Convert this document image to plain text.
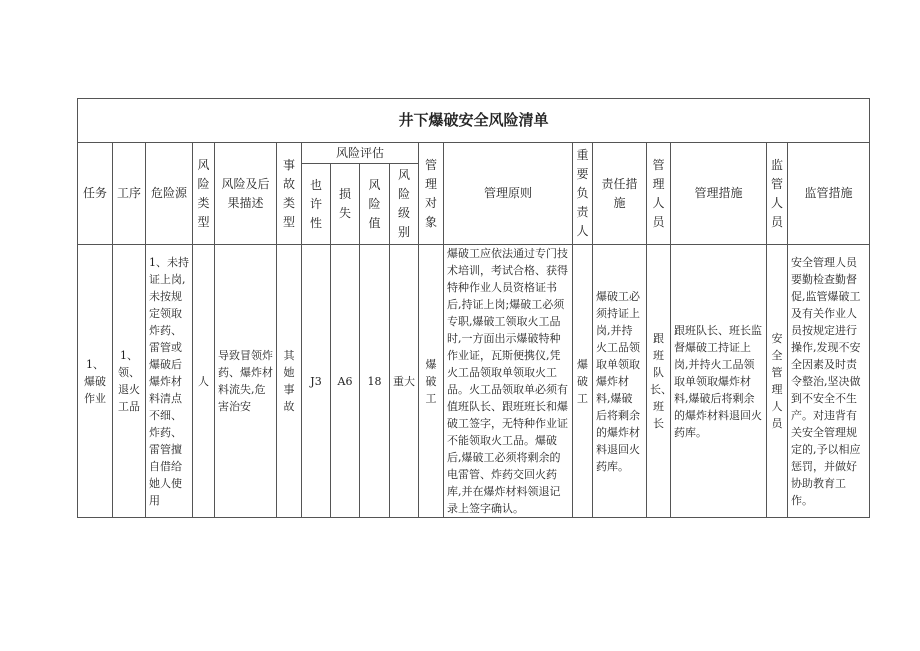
井下爆破安全风险清单																	
任务	工序	危险源	风险类型	风险及后果描述	事故类型	风险评估				管理对象	管理原则	重要负责人	责任措施	管理人员	管理措施	监管人员	监管措施
						也许性	损失	风险值	风险级别								
1、爆破作业	1、领、退火工品	1、未持证上岗,未按规定领取炸药、雷管或爆破后爆炸材料清点不细、炸药、雷管擅自借给她人使用	人	导致冒领炸药、爆炸材料流失,危害治安	其她事故	J3	A6	18	重大	爆破工	爆破工应依法通过专门技术培训，考试合格、获得特种作业人员资格证书后,持证上岗;爆破工必须专职,爆破工领取火工品时,一方面出示爆破特种作业证，瓦斯便携仪,凭火工品领取单领取火工品。火工品领取单必须有值班队长、跟班班长和爆破工签字，无特种作业证不能领取火工品。爆破后,爆破工必须将剩余的电雷管、炸药交回火药库,并在爆炸材料领退记录上签字确认。	爆破工	爆破工必须持证上岗,并持火工品领取单领取爆炸材料,爆破后将剩余的爆炸材料退回火药库。	跟班队长、班长	跟班队长、班长监督爆破工持证上岗,并持火工品领取单领取爆炸材料,爆破后将剩余的爆炸材料退回火药库。	安全管理人员	安全管理人员要勤检查勤督促,监管爆破工及有关作业人员按规定进行操作,发现不安全因素及时责令整治,坚决做到不安全不生产。对违背有关安全管理规定的,予以相应惩罚，并做好协助教育工作。
